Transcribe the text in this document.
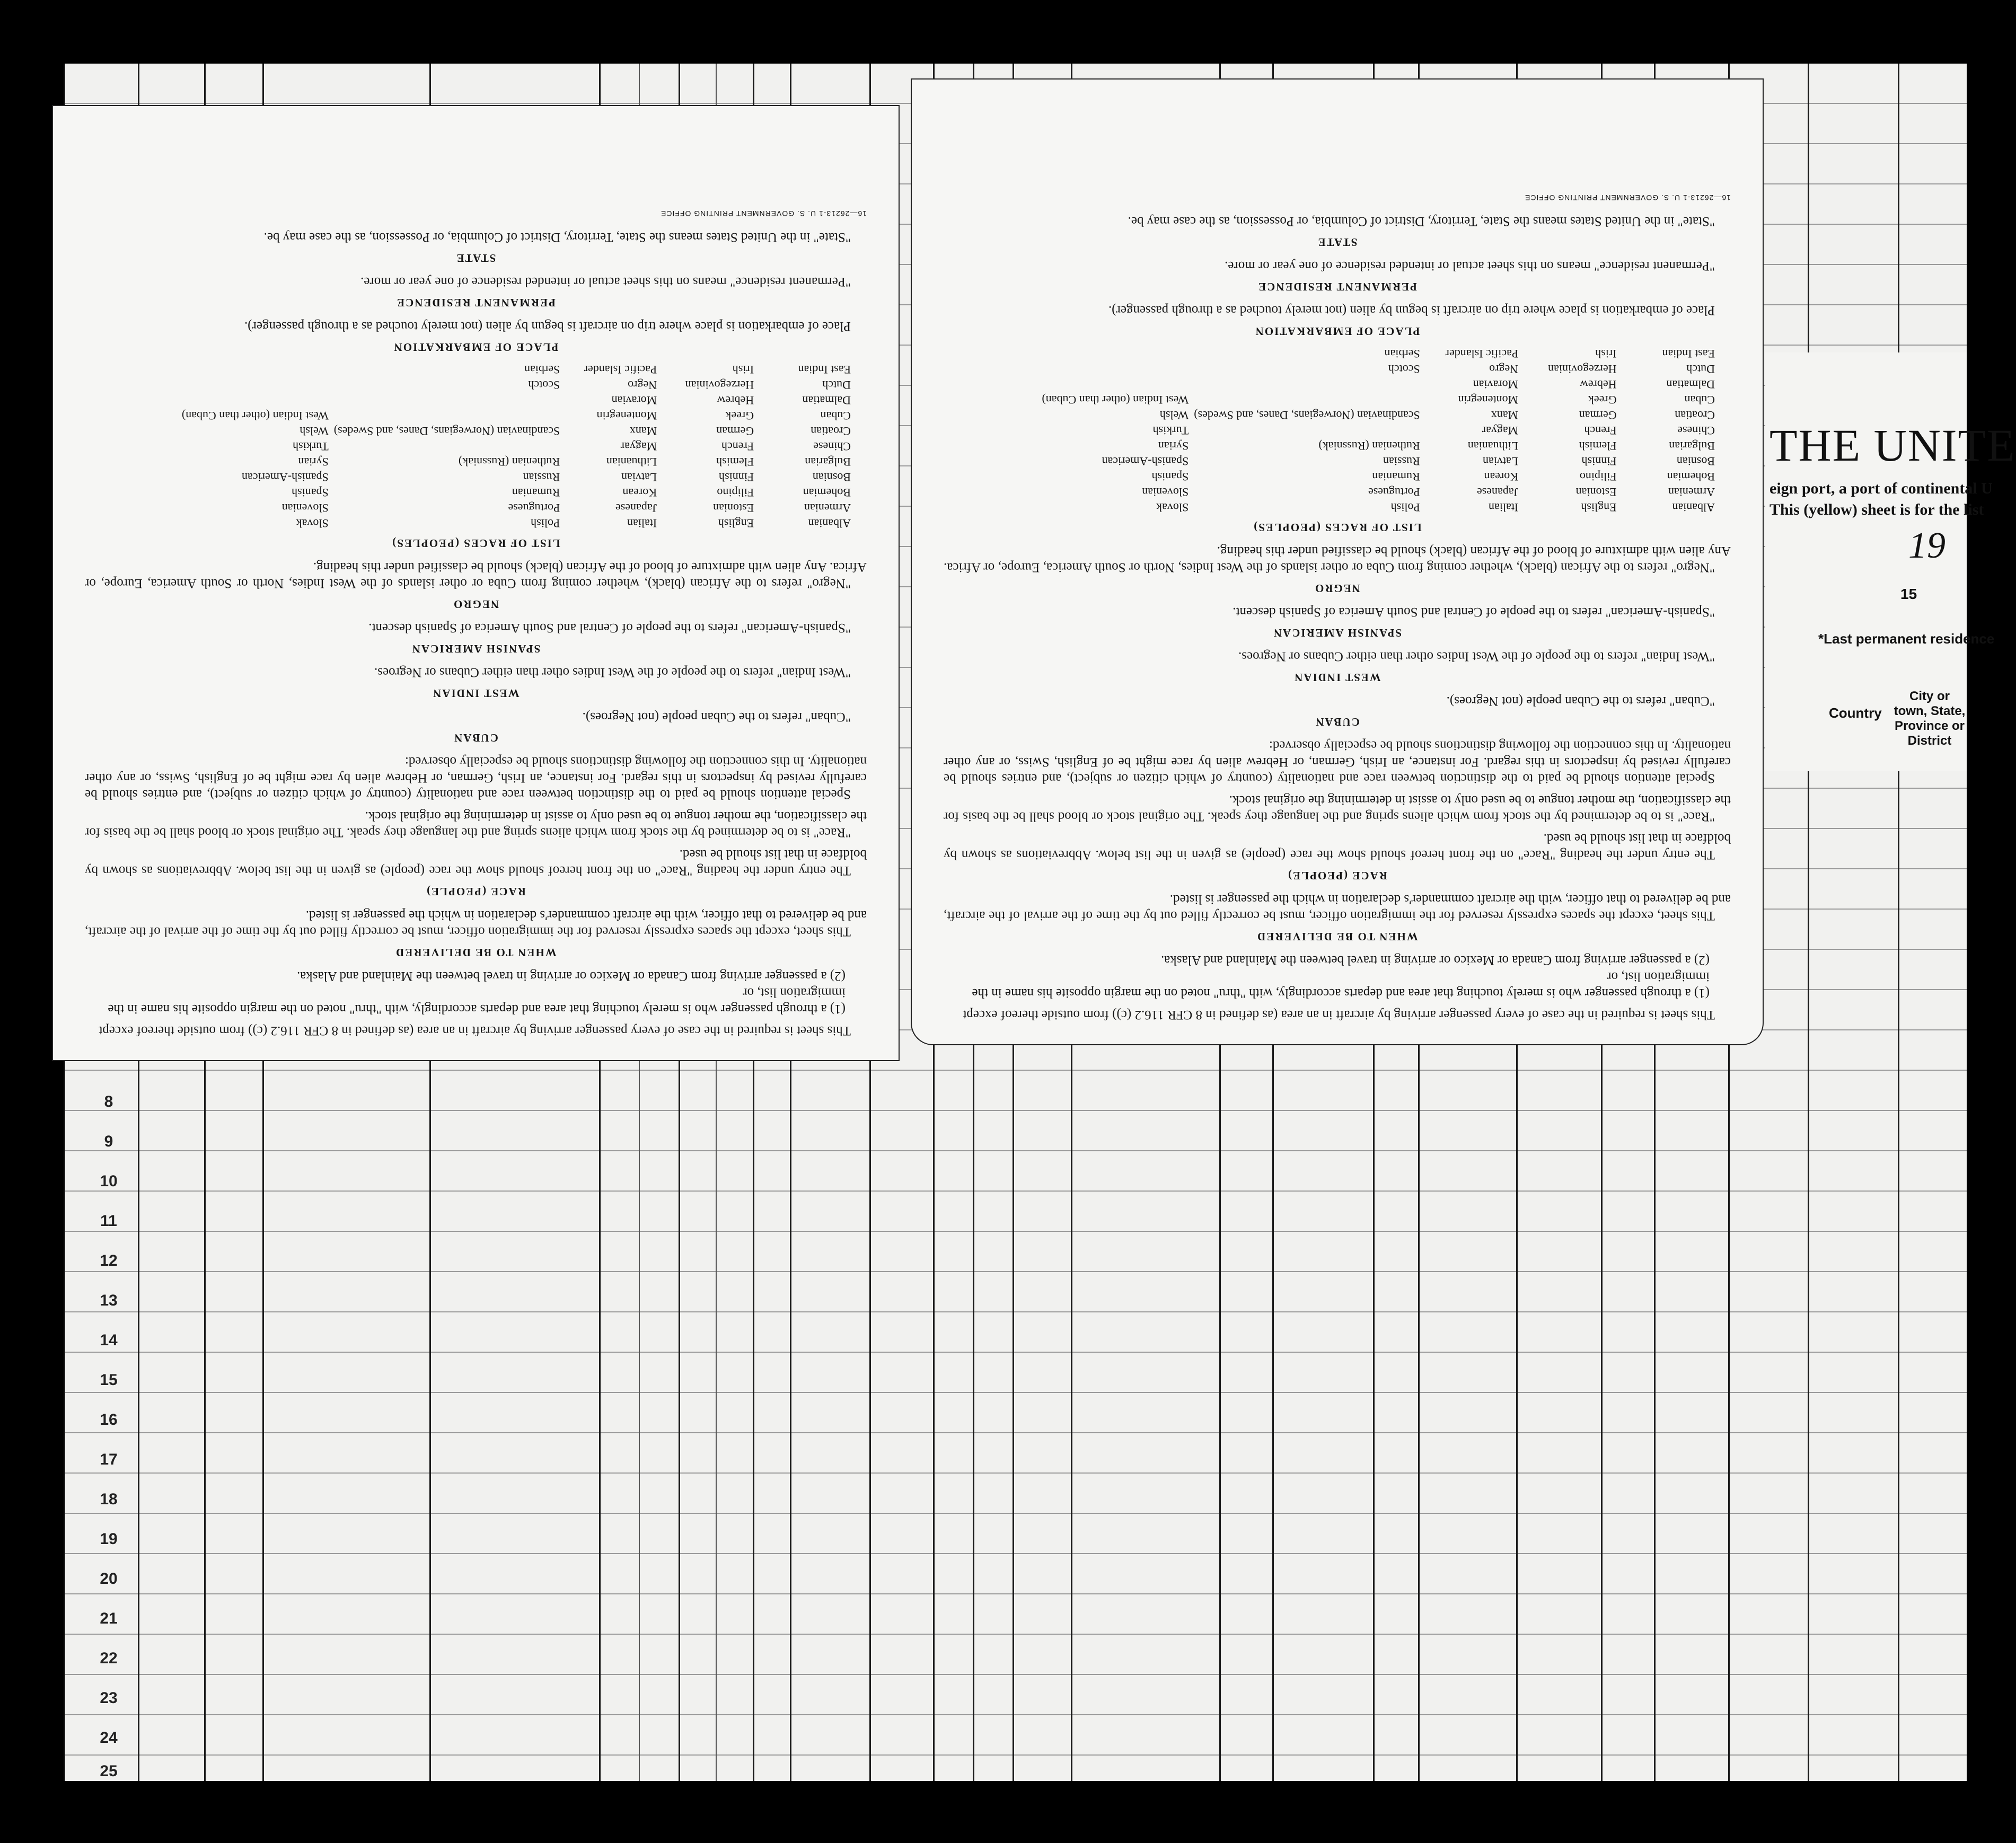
8
9
10
11
12
13
14
15
16
17
18
19
20
21
22
23
24
25
THE UNITE
eign port, a port of continental U
This (yellow) sheet is for the list
19
15
*Last permanent residence
Country
City or town, State, Province or District

This sheet is required in the case of every passenger arriving by aircraft in an area (as defined in 8 CFR 116.2 (c)) from outside thereof except

(1) a through passenger who is merely touching that area and departs accordingly, with "thru" noted on the margin opposite his name in the immigration list, or
(2) a passenger arriving from Canada or Mexico or arriving in travel between the Mainland and Alaska.

WHEN TO BE DELIVERED

This sheet, except the spaces expressly reserved for the immigration officer, must be correctly filled out by the time of the arrival of the aircraft, and be delivered to that officer, with the aircraft commander's declaration in which the passenger is listed.

RACE (PEOPLE)

The entry under the heading "Race" on the front hereof should show the race (people) as given in the list below. Abbreviations as shown by boldface in that list should be used.

"Race" is to be determined by the stock from which aliens spring and the language they speak. The original stock or blood shall be the basis for the classification, the mother tongue to be used only to assist in determining the original stock.

Special attention should be paid to the distinction between race and nationality (country of which citizen or subject), and entries should be carefully revised by inspectors in this regard. For instance, an Irish, German, or Hebrew alien by race might be of English, Swiss, or any other nationality. In this connection the following distinctions should be especially observed:

CUBAN

"Cuban" refers to the Cuban people (not Negroes).

WEST INDIAN

"West Indian" refers to the people of the West Indies other than either Cubans or Negroes.

SPANISH AMERICAN

"Spanish-American" refers to the people of Central and South America of Spanish descent.

NEGRO

"Negro" refers to the African (black), whether coming from Cuba or other islands of the West Indies, North or South America, Europe, or Africa. Any alien with admixture of blood of the African (black) should be classified under this heading.

LIST OF RACES (PEOPLES)

Albanian
English
Italian
Polish
Slovak
Armenian
Estonian
Japanese
Portuguese
Slovenian
Bohemian
Filipino
Korean
Rumanian
Spanish
Bosnian
Finnish
Latvian
Russian
Spanish-American
Bulgarian
Flemish
Lithuanian
Ruthenian (Russniak)
Syrian
Chinese
French
Magyar
Turkish
Croatian
German
Manx
Scandinavian (Norwegians, Danes, and Swedes)
Welsh
Cuban
Greek
Montenegrin
West Indian (other than Cuban)
Dalmatian
Hebrew
Moravian
Dutch
Herzegovinian
Negro
Scotch
East Indian
Irish
Pacific Islander
Serbian

PLACE OF EMBARKATION

Place of embarkation is place where trip on aircraft is begun by alien (not merely touched as a through passenger).

PERMANENT RESIDENCE

"Permanent residence" means on this sheet actual or intended residence of one year or more.

STATE

"State" in the United States means the State, Territory, District of Columbia, or Possession, as the case may be.

16—26213-1 U. S. GOVERNMENT PRINTING OFFICE

This sheet is required in the case of every passenger arriving by aircraft in an area (as defined in 8 CFR 116.2 (c)) from outside thereof except

(1) a through passenger who is merely touching that area and departs accordingly, with "thru" noted on the margin opposite his name in the immigration list, or
(2) a passenger arriving from Canada or Mexico or arriving in travel between the Mainland and Alaska.

WHEN TO BE DELIVERED

This sheet, except the spaces expressly reserved for the immigration officer, must be correctly filled out by the time of the arrival of the aircraft, and be delivered to that officer, with the aircraft commander's declaration in which the passenger is listed.

RACE (PEOPLE)

The entry under the heading "Race" on the front hereof should show the race (people) as given in the list below. Abbreviations as shown by boldface in that list should be used.

"Race" is to be determined by the stock from which aliens spring and the language they speak. The original stock or blood shall be the basis for the classification, the mother tongue to be used only to assist in determining the original stock.

Special attention should be paid to the distinction between race and nationality (country of which citizen or subject), and entries should be carefully revised by inspectors in this regard. For instance, an Irish, German, or Hebrew alien by race might be of English, Swiss, or any other nationality. In this connection the following distinctions should be especially observed:

CUBAN

"Cuban" refers to the Cuban people (not Negroes).

WEST INDIAN

"West Indian" refers to the people of the West Indies other than either Cubans or Negroes.

SPANISH AMERICAN

"Spanish-American" refers to the people of Central and South America of Spanish descent.

NEGRO

"Negro" refers to the African (black), whether coming from Cuba or other islands of the West Indies, North or South America, Europe, or Africa. Any alien with admixture of blood of the African (black) should be classified under this heading.

LIST OF RACES (PEOPLES)

Albanian
English
Italian
Polish
Slovak
Armenian
Estonian
Japanese
Portuguese
Slovenian
Bohemian
Filipino
Korean
Rumanian
Spanish
Bosnian
Finnish
Latvian
Russian
Spanish-American
Bulgarian
Flemish
Lithuanian
Ruthenian (Russniak)
Syrian
Chinese
French
Magyar
Turkish
Croatian
German
Manx
Scandinavian (Norwegians, Danes, and Swedes)
Welsh
Cuban
Greek
Montenegrin
West Indian (other than Cuban)
Dalmatian
Hebrew
Moravian
Dutch
Herzegovinian
Negro
Scotch
East Indian
Irish
Pacific Islander
Serbian

PLACE OF EMBARKATION

Place of embarkation is place where trip on aircraft is begun by alien (not merely touched as a through passenger).

PERMANENT RESIDENCE

"Permanent residence" means on this sheet actual or intended residence of one year or more.

STATE

"State" in the United States means the State, Territory, District of Columbia, or Possession, as the case may be.

16—26213-1 U. S. GOVERNMENT PRINTING OFFICE
